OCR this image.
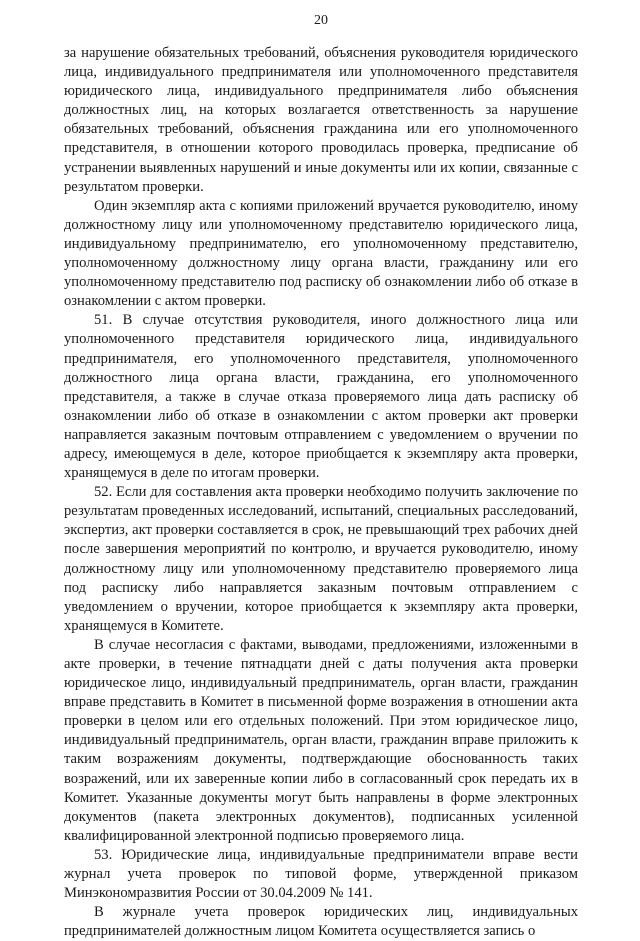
20

за нарушение обязательных требований, объяснения руководителя юридического лица, индивидуального предпринимателя или уполномоченного представителя юридического лица, индивидуального предпринимателя либо объяснения должностных лиц, на которых возлагается ответственность за нарушение обязательных требований, объяснения гражданина или его уполномоченного представителя, в отношении которого проводилась проверка, предписание об устранении выявленных нарушений и иные документы или их копии, связанные с результатом проверки.

Один экземпляр акта с копиями приложений вручается руководителю, иному должностному лицу или уполномоченному представителю юридического лица, индивидуальному предпринимателю, его уполномоченному представителю, уполномоченному должностному лицу органа власти, гражданину или его уполномоченному представителю под расписку об ознакомлении либо об отказе в ознакомлении с актом проверки.

51. В случае отсутствия руководителя, иного должностного лица или уполномоченного представителя юридического лица, индивидуального предпринимателя, его уполномоченного представителя, уполномоченного должностного лица органа власти, гражданина, его уполномоченного представителя, а также в случае отказа проверяемого лица дать расписку об ознакомлении либо об отказе в ознакомлении с актом проверки акт проверки направляется заказным почтовым отправлением с уведомлением о вручении по адресу, имеющемуся в деле, которое приобщается к экземпляру акта проверки, хранящемуся в деле по итогам проверки.

52. Если для составления акта проверки необходимо получить заключение по результатам проведенных исследований, испытаний, специальных расследований, экспертиз, акт проверки составляется в срок, не превышающий трех рабочих дней после завершения мероприятий по контролю, и вручается руководителю, иному должностному лицу или уполномоченному представителю проверяемого лица под расписку либо направляется заказным почтовым отправлением с уведомлением о вручении, которое приобщается к экземпляру акта проверки, хранящемуся в Комитете.

В случае несогласия с фактами, выводами, предложениями, изложенными в акте проверки, в течение пятнадцати дней с даты получения акта проверки юридическое лицо, индивидуальный предприниматель, орган власти, гражданин вправе представить в Комитет в письменной форме возражения в отношении акта проверки в целом или его отдельных положений. При этом юридическое лицо, индивидуальный предприниматель, орган власти, гражданин вправе приложить к таким возражениям документы, подтверждающие обоснованность таких возражений, или их заверенные копии либо в согласованный срок передать их в Комитет. Указанные документы могут быть направлены в форме электронных документов (пакета электронных документов), подписанных усиленной квалифицированной электронной подписью проверяемого лица.

53. Юридические лица, индивидуальные предприниматели вправе вести журнал учета проверок по типовой форме, утвержденной приказом Минэкономразвития России от 30.04.2009 № 141.

В журнале учета проверок юридических лиц, индивидуальных предпринимателей должностным лицом Комитета осуществляется запись о
